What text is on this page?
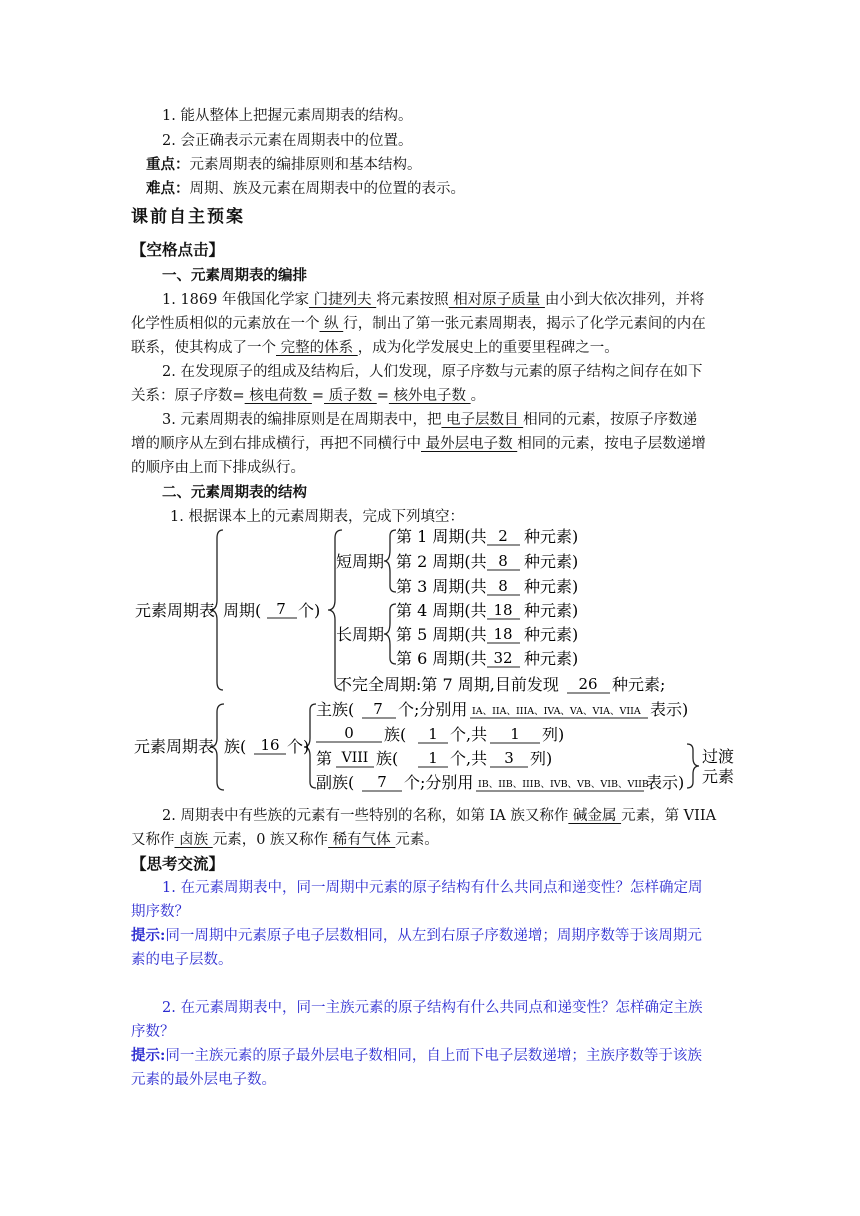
1. 能从整体上把握元素周期表的结构。
2. 会正确表示元素在周期表中的位置。
重点：元素周期表的编排原则和基本结构。
难点：周期、族及元素在周期表中的位置的表示。
课前自主预案
【空格点击】
一、元素周期表的编排
1. 1869 年俄国化学家 门捷列夫 将元素按照 相对原子质量 由小到大依次排列，并将
化学性质相似的元素放在一个 纵 行，制出了第一张元素周期表，揭示了化学元素间的内在
联系，使其构成了一个 完整的体系 ，成为化学发展史上的重要里程碑之一。
2. 在发现原子的组成及结构后，人们发现，原子序数与元素的原子结构之间存在如下
关系：原子序数= 核电荷数 = 质子数 = 核外电子数 。
3. 元素周期表的编排原则是在周期表中，把 电子层数目 相同的元素，按原子序数递
增的顺序从左到右排成横行，再把不同横行中 最外层电子数 相同的元素，按电子层数递增
的顺序由上而下排成纵行。
二、元素周期表的结构
1. 根据课本上的元素周期表，完成下列填空：
元素周期表 周期( 7 个)
短周期
长周期
第 1 周期(共 2 种元素)
第 2 周期(共 8 种元素)
第 3 周期(共 8 种元素)
第 4 周期(共 18 种元素)
第 5 周期(共 18 种元素)
第 6 周期(共 32 种元素)
不完全周期:第 7 周期,目前发现 26 种元素;
元素周期表 族( 16 个)
主族( 7 个;分别用 IA、IIA、IIIA、IVA、VA、VIA、VIIA 表示)
0 族( 1 个,共 1 列)
第 VIII 族( 1 个,共 3 列)
副族( 7 个;分别用 IB、IIB、IIIB、IVB、VB、VIB、VIIB
表示)
过渡
元素
2. 周期表中有些族的元素有一些特别的名称，如第 IA 族又称作 碱金属 元素，第 VIIA
又称作 卤族 元素，0 族又称作 稀有气体 元素。
【思考交流】
1. 在元素周期表中，同一周期中元素的原子结构有什么共同点和递变性？怎样确定周
期序数？
提示:同一周期中元素原子电子层数相同，从左到右原子序数递增；周期序数等于该周期元
素的电子层数。
2. 在元素周期表中，同一主族元素的原子结构有什么共同点和递变性？怎样确定主族
序数？
提示:同一主族元素的原子最外层电子数相同，自上而下电子层数递增；主族序数等于该族
元素的最外层电子数。
